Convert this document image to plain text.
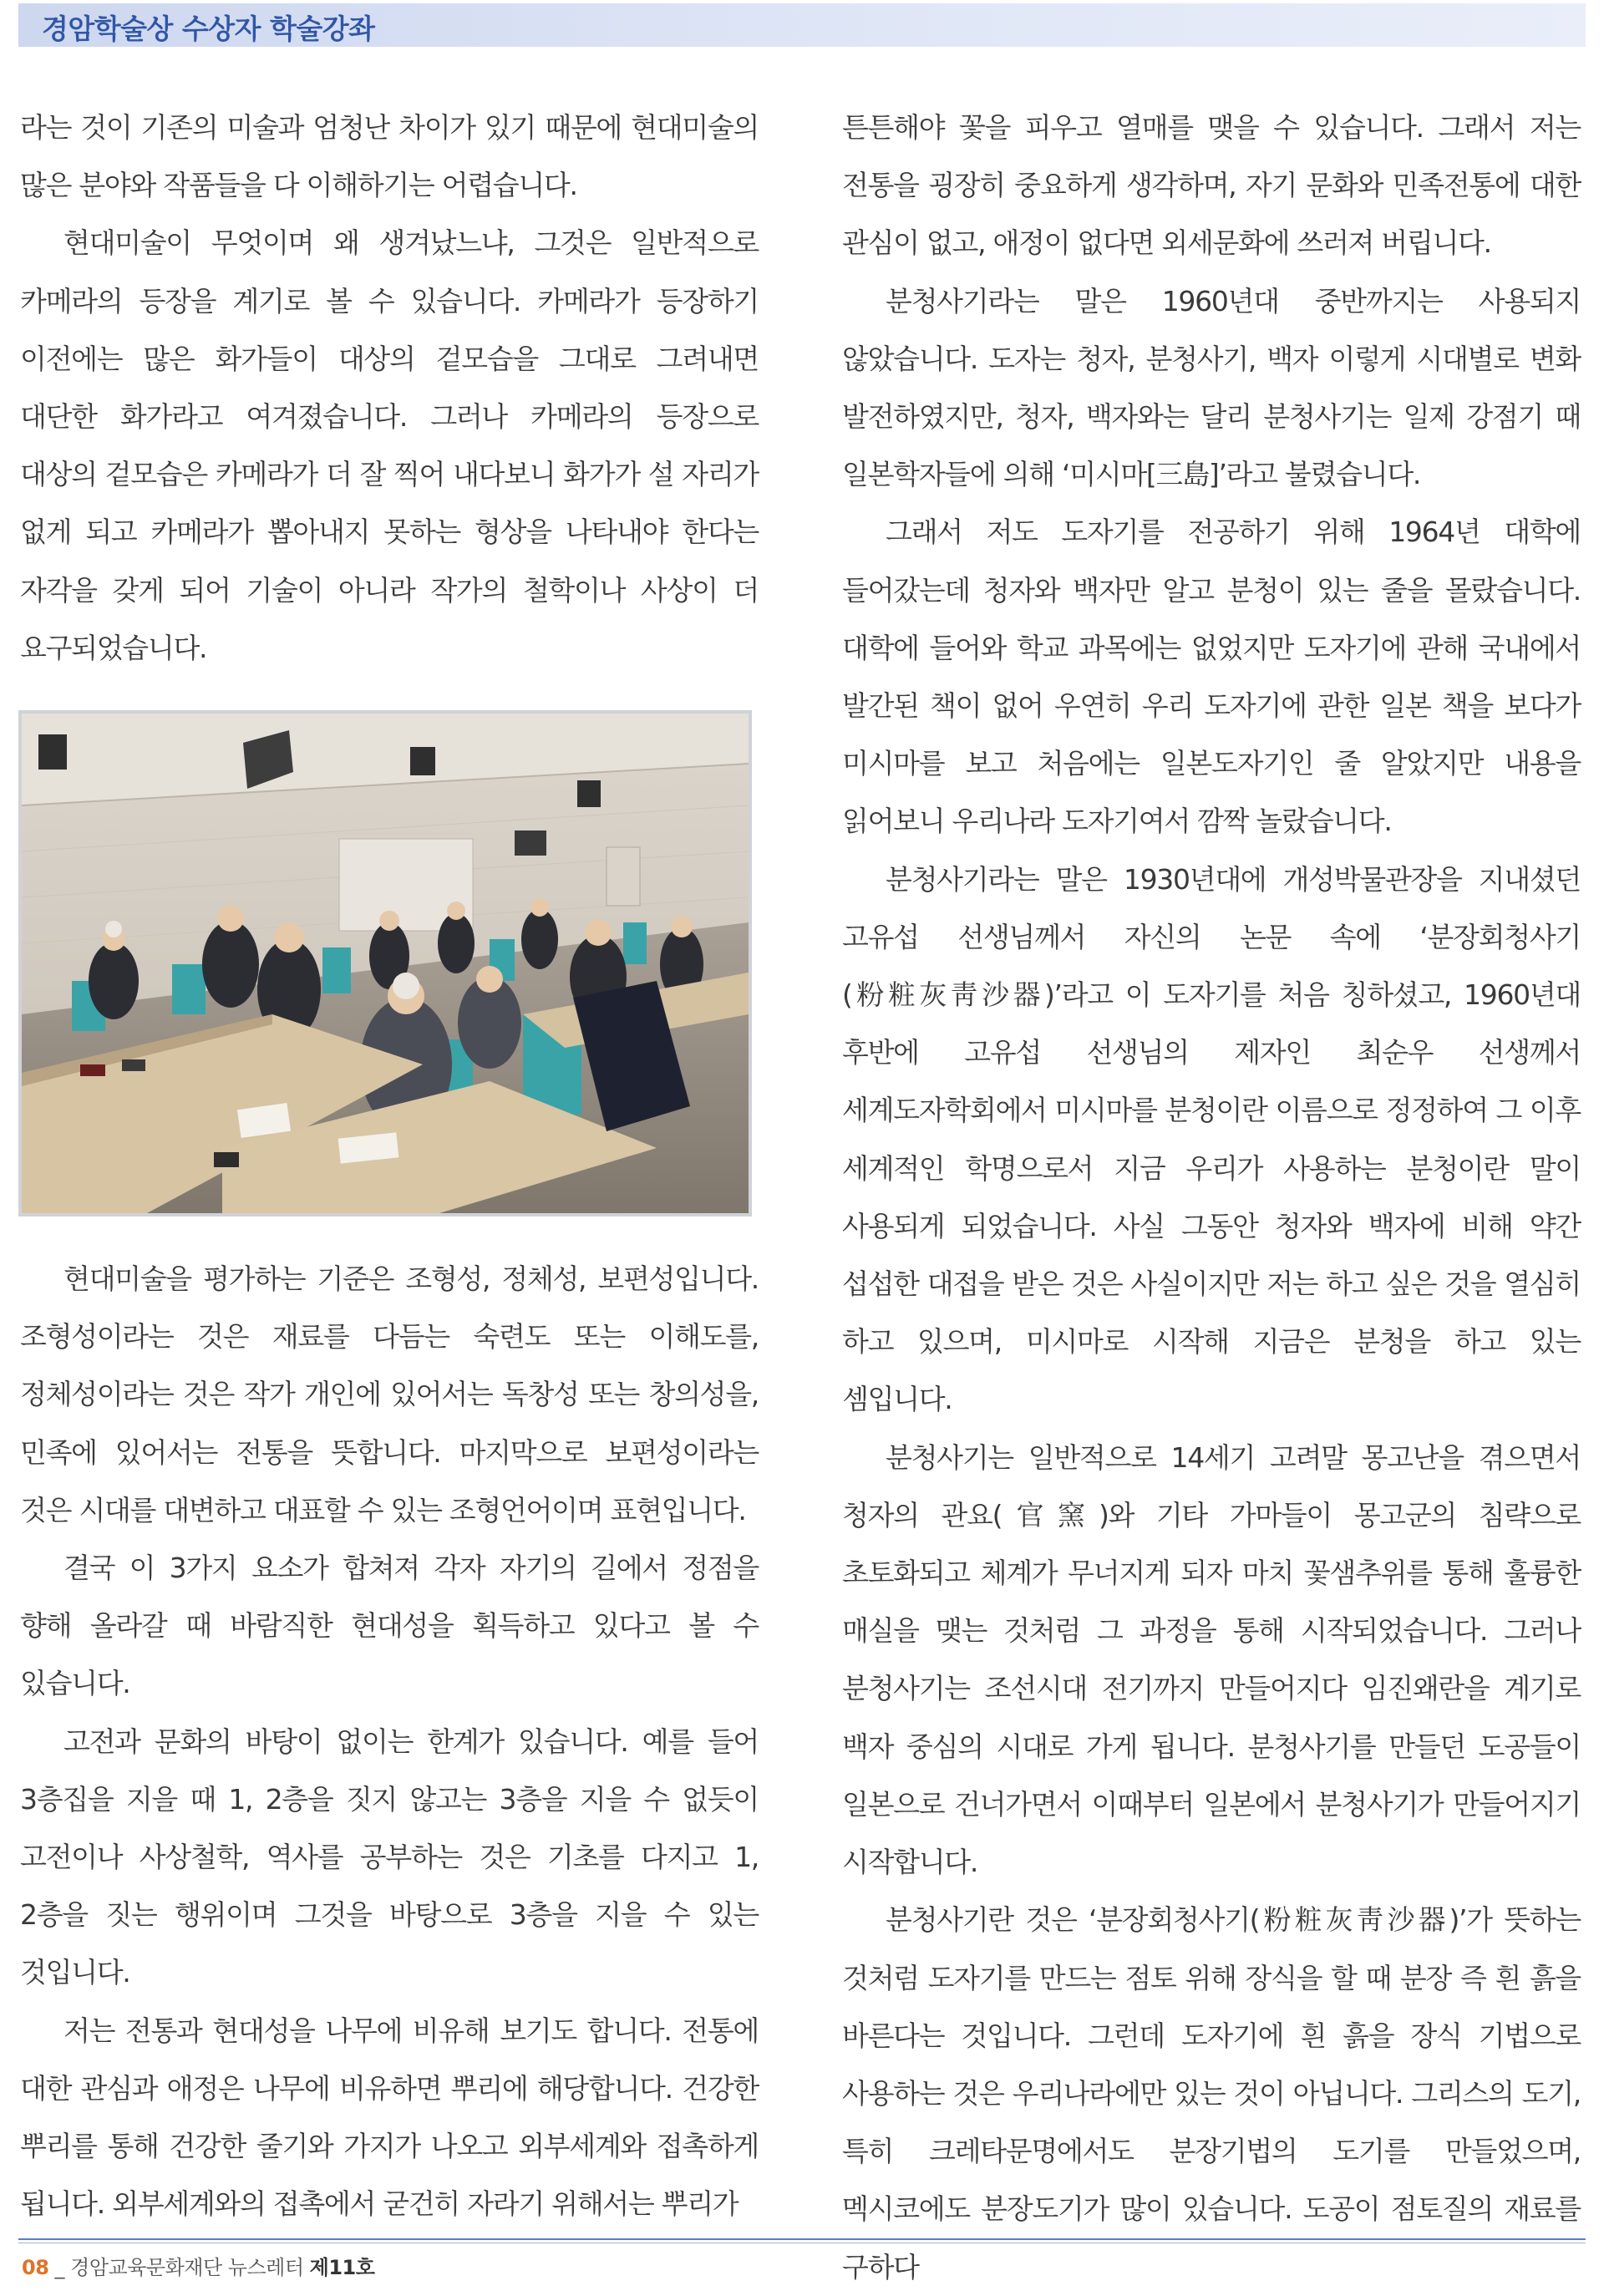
경암학술상 수상자 학술강좌

라는 것이 기존의 미술과 엄청난 차이가 있기 때문에 현대미술의 많은 분야와 작품들을 다 이해하기는 어렵습니다.

현대미술이 무엇이며 왜 생겨났느냐, 그것은 일반적으로 카메라의 등장을 계기로 볼 수 있습니다. 카메라가 등장하기 이전에는 많은 화가들이 대상의 겉모습을 그대로 그려내면 대단한 화가라고 여겨졌습니다. 그러나 카메라의 등장으로 대상의 겉모습은 카메라가 더 잘 찍어 내다보니 화가가 설 자리가 없게 되고 카메라가 뽑아내지 못하는 형상을 나타내야 한다는 자각을 갖게 되어 기술이 아니라 작가의 철학이나 사상이 더 요구되었습니다.

현대미술을 평가하는 기준은 조형성, 정체성, 보편성입니다. 조형성이라는 것은 재료를 다듬는 숙련도 또는 이해도를, 정체성이라는 것은 작가 개인에 있어서는 독창성 또는 창의성을, 민족에 있어서는 전통을 뜻합니다. 마지막으로 보편성이라는 것은 시대를 대변하고 대표할 수 있는 조형언어이며 표현입니다.

결국 이 3가지 요소가 합쳐져 각자 자기의 길에서 정점을 향해 올라갈 때 바람직한 현대성을 획득하고 있다고 볼 수 있습니다.

고전과 문화의 바탕이 없이는 한계가 있습니다. 예를 들어 3층집을 지을 때 1, 2층을 짓지 않고는 3층을 지을 수 없듯이 고전이나 사상철학, 역사를 공부하는 것은 기초를 다지고 1, 2층을 짓는 행위이며 그것을 바탕으로 3층을 지을 수 있는 것입니다.

저는 전통과 현대성을 나무에 비유해 보기도 합니다. 전통에 대한 관심과 애정은 나무에 비유하면 뿌리에 해당합니다. 건강한 뿌리를 통해 건강한 줄기와 가지가 나오고 외부세계와 접촉하게 됩니다. 외부세계와의 접촉에서 굳건히 자라기 위해서는 뿌리가

튼튼해야 꽃을 피우고 열매를 맺을 수 있습니다. 그래서 저는 전통을 굉장히 중요하게 생각하며, 자기 문화와 민족전통에 대한 관심이 없고, 애정이 없다면 외세문화에 쓰러져 버립니다.

분청사기라는 말은 1960년대 중반까지는 사용되지 않았습니다. 도자는 청자, 분청사기, 백자 이렇게 시대별로 변화 발전하였지만, 청자, 백자와는 달리 분청사기는 일제 강점기 때 일본학자들에 의해 ‘미시마[三島]’라고 불렸습니다.

그래서 저도 도자기를 전공하기 위해 1964년 대학에 들어갔는데 청자와 백자만 알고 분청이 있는 줄을 몰랐습니다. 대학에 들어와 학교 과목에는 없었지만 도자기에 관해 국내에서 발간된 책이 없어 우연히 우리 도자기에 관한 일본 책을 보다가 미시마를 보고 처음에는 일본도자기인 줄 알았지만 내용을 읽어보니 우리나라 도자기여서 깜짝 놀랐습니다.

분청사기라는 말은 1930년대에 개성박물관장을 지내셨던 고유섭 선생님께서 자신의 논문 속에 ‘분장회청사기(粉粧灰靑沙器)’라고 이 도자기를 처음 칭하셨고, 1960년대 후반에 고유섭 선생님의 제자인 최순우 선생께서 세계도자학회에서 미시마를 분청이란 이름으로 정정하여 그 이후 세계적인 학명으로서 지금 우리가 사용하는 분청이란 말이 사용되게 되었습니다. 사실 그동안 청자와 백자에 비해 약간 섭섭한 대접을 받은 것은 사실이지만 저는 하고 싶은 것을 열심히 하고 있으며, 미시마로 시작해 지금은 분청을 하고 있는 셈입니다.

분청사기는 일반적으로 14세기 고려말 몽고난을 겪으면서 청자의 관요(官窯)와 기타 가마들이 몽고군의 침략으로 초토화되고 체계가 무너지게 되자 마치 꽃샘추위를 통해 훌륭한 매실을 맺는 것처럼 그 과정을 통해 시작되었습니다. 그러나 분청사기는 조선시대 전기까지 만들어지다 임진왜란을 계기로 백자 중심의 시대로 가게 됩니다. 분청사기를 만들던 도공들이 일본으로 건너가면서 이때부터 일본에서 분청사기가 만들어지기 시작합니다.

분청사기란 것은 ‘분장회청사기(粉粧灰靑沙器)’가 뜻하는 것처럼 도자기를 만드는 점토 위해 장식을 할 때 분장 즉 흰 흙을 바른다는 것입니다. 그런데 도자기에 흰 흙을 장식 기법으로 사용하는 것은 우리나라에만 있는 것이 아닙니다. 그리스의 도기, 특히 크레타문명에서도 분장기법의 도기를 만들었으며, 멕시코에도 분장도기가 많이 있습니다. 도공이 점토질의 재료를 구하다

08 _ 경암교육문화재단 뉴스레터 제11호
